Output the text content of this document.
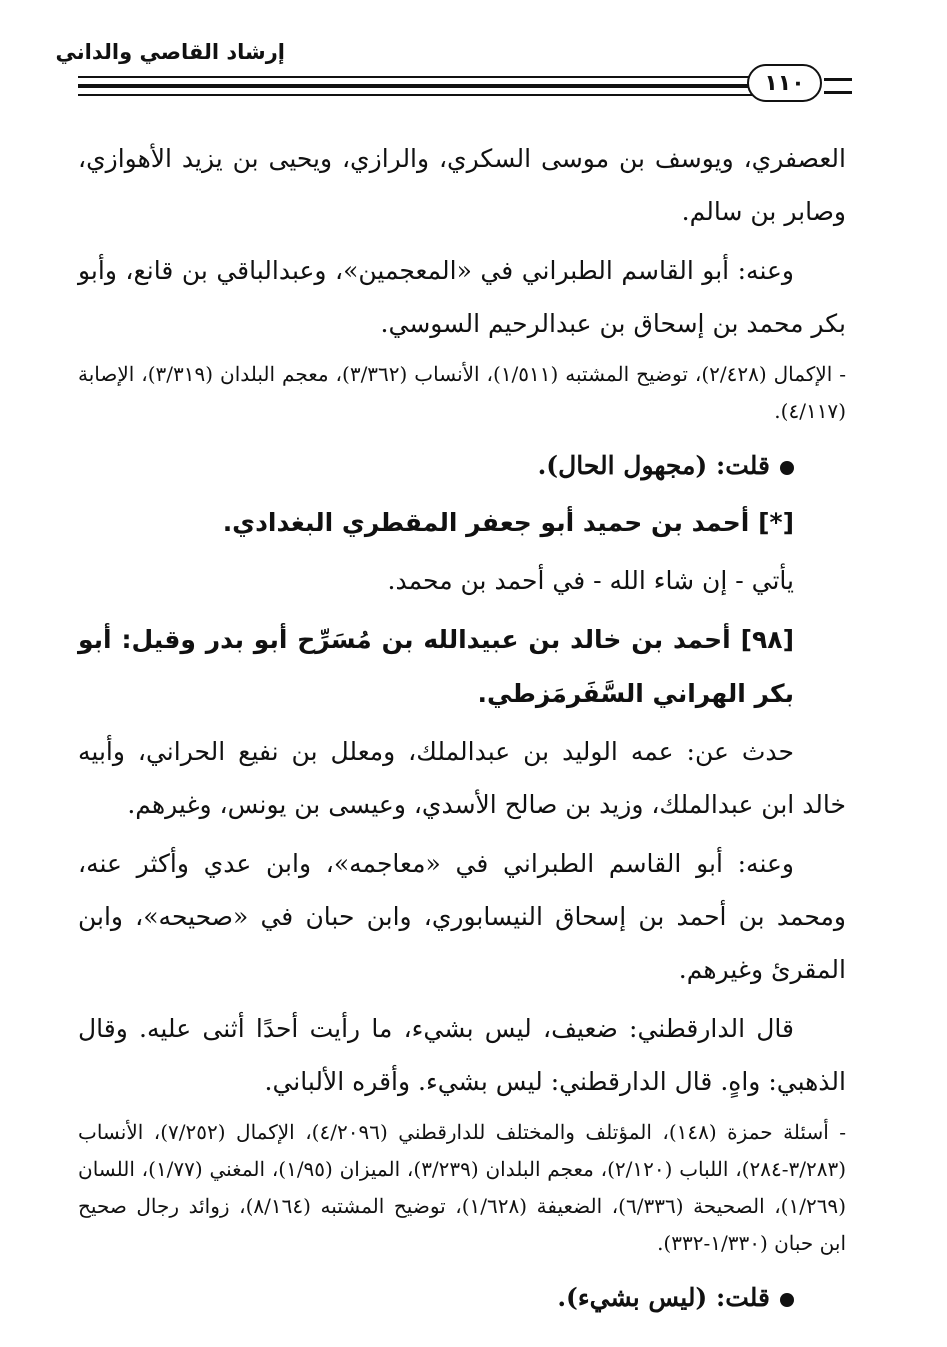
إرشاد القاصي والداني
١١٠

العصفري، ويوسف بن موسى السكري، والرازي، ويحيى بن يزيد الأهوازي، وصابر بن سالم.

وعنه: أبو القاسم الطبراني في «المعجمين»، وعبدالباقي بن قانع، وأبو بكر محمد بن إسحاق بن عبدالرحيم السوسي.

- الإكمال (٢/٤٢٨)، توضيح المشتبه (١/٥١١)، الأنساب (٣/٣٦٢)، معجم البلدان (٣/٣١٩)، الإصابة (٤/١١٧).

قلت: (مجهول الحال).

[*] أحمد بن حميد أبو جعفر المقطري البغدادي.

يأتي - إن شاء الله - في أحمد بن محمد.

[٩٨] أحمد بن خالد بن عبيدالله بن مُسَرِّح أبو بدر وقيل: أبو بكر الهراني السَّفَرمَزطي.

حدث عن: عمه الوليد بن عبدالملك، ومعلل بن نفيع الحراني، وأبيه خالد ابن عبدالملك، وزيد بن صالح الأسدي، وعيسى بن يونس، وغيرهم.

وعنه: أبو القاسم الطبراني في «معاجمه»، وابن عدي وأكثر عنه، ومحمد بن أحمد بن إسحاق النيسابوري، وابن حبان في «صحيحه»، وابن المقرئ وغيرهم.

قال الدارقطني: ضعيف، ليس بشيء، ما رأيت أحدًا أثنى عليه. وقال الذهبي: واهٍ. قال الدارقطني: ليس بشيء. وأقره الألباني.

- أسئلة حمزة (١٤٨)، المؤتلف والمختلف للدارقطني (٤/٢٠٩٦)، الإكمال (٧/٢٥٢)، الأنساب (٣/٢٨٣-٢٨٤)، اللباب (٢/١٢٠)، معجم البلدان (٣/٢٣٩)، الميزان (١/٩٥)، المغني (١/٧٧)، اللسان (١/٢٦٩)، الصحيحة (٦/٣٣٦)، الضعيفة (١/٦٢٨)، توضيح المشتبه (٨/١٦٤)، زوائد رجال صحيح ابن حبان (١/٣٣٠-٣٣٢).

قلت: (ليس بشيء).
